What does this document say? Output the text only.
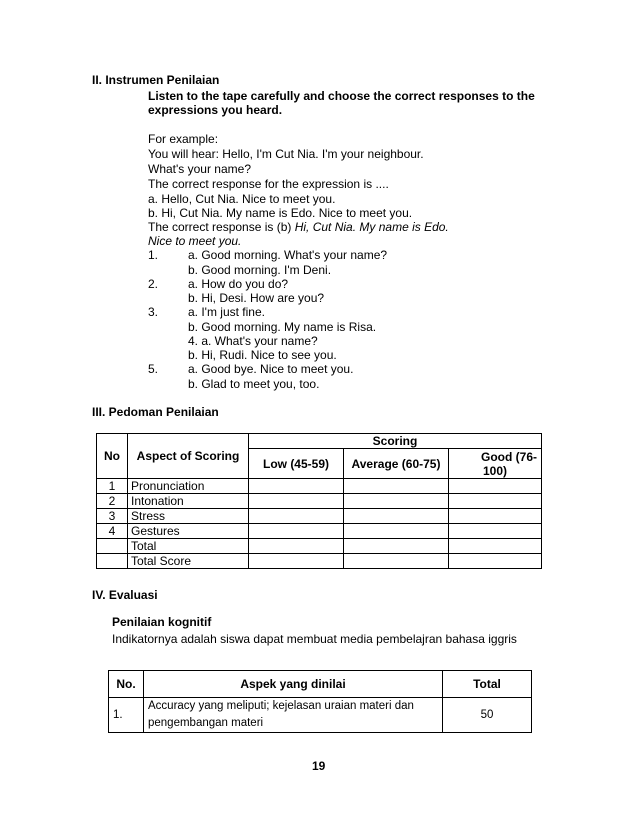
II. Instrumen Penilaian
Listen to the tape carefully and choose the correct responses to the
expressions you heard.
For example:
You will hear: Hello, I'm Cut Nia. I'm your neighbour.
What's your name?
The correct response for the expression is ....
a. Hello, Cut Nia. Nice to meet you.
b. Hi, Cut Nia. My name is Edo. Nice to meet you.
The correct response is (b) Hi, Cut Nia. My name is Edo.
Nice to meet you.
1. a. Good morning. What's your name?
b. Good morning. I'm Deni.
2. a. How do you do?
b. Hi, Desi. How are you?
3. a. I'm just fine.
b. Good morning. My name is Risa.
4. a. What's your name?
b. Hi, Rudi. Nice to see you.
5. a. Good bye. Nice to meet you.
b. Glad to meet you, too.
III. Pedoman Penilaian
No	Aspect of Scoring	Scoring		
		Low (45-59)	Average (60-75)	Good (76-
100)

1	Pronunciation			
2	Intonation			
3	Stress			
4	Gestures			
	Total			
	Total Score			
IV. Evaluasi
Penilaian kognitif
Indikatornya adalah siswa dapat membuat media pembelajran bahasa iggris
No.	Aspek yang dinilai	Total
1.	Accuracy yang meliputi; kejelasan uraian materi dan
pengembangan materi	50
19
